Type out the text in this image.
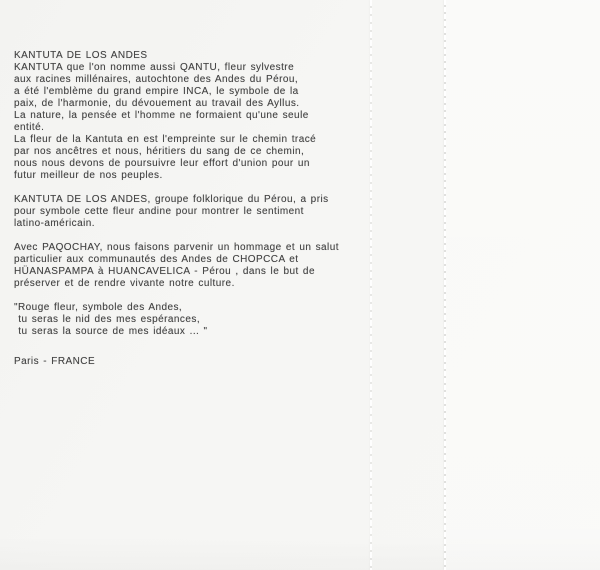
KANTUTA DE LOS ANDES
KANTUTA que l'on nomme aussi QANTU, fleur sylvestre
aux racines millénaires, autochtone des Andes du Pérou,
a été l'emblème du grand empire INCA, le symbole de la
paix, de l'harmonie, du dévouement au travail des Ayllus.
La nature, la pensée et l'homme ne formaient qu'une seule
entité.
La fleur de la Kantuta en est l'empreinte sur le chemin tracé
par nos ancêtres et nous, héritiers du sang de ce chemin,
nous nous devons de poursuivre leur effort d'union pour un
futur meilleur de nos peuples.
KANTUTA DE LOS ANDES, groupe folklorique du Pérou, a pris
pour symbole cette fleur andine pour montrer le sentiment
latino-américain.
Avec PAQOCHAY, nous faisons parvenir un hommage et un salut
particulier aux communautés des Andes de CHOPCCA et
HÜANASPAMPA à HUANCAVELICA - Pérou , dans le but de
préserver et de rendre vivante notre culture.
"Rouge fleur, symbole des Andes,
tu seras le nid des mes espérances,
tu seras la source de mes idéaux ... "
Paris - FRANCE
